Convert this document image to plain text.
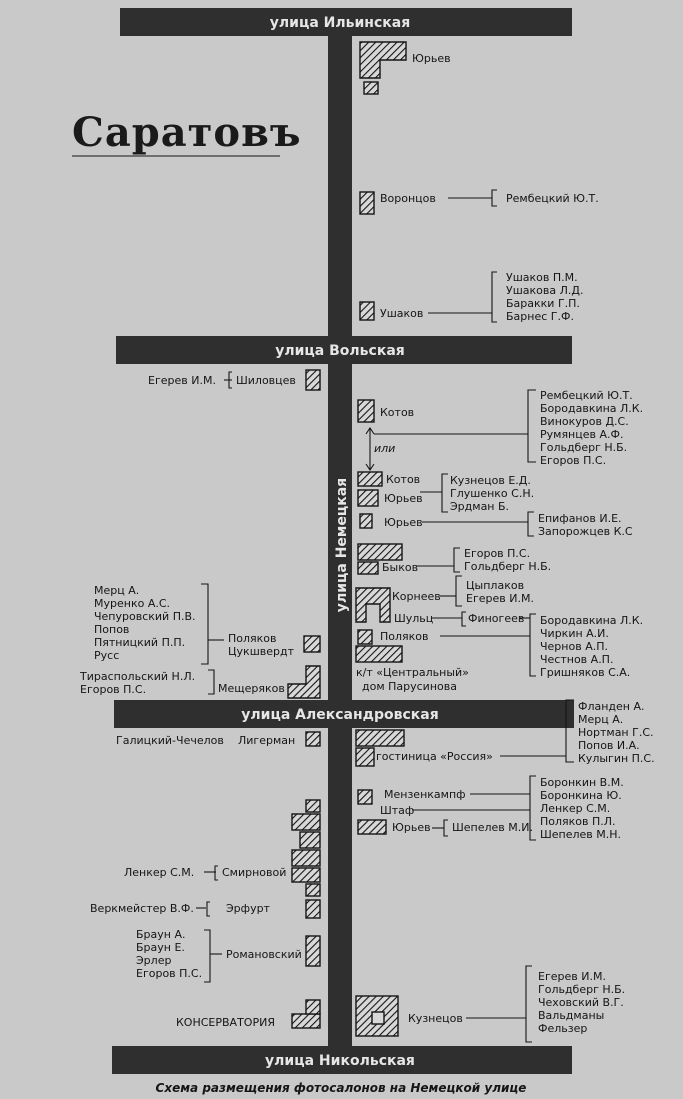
улица Ильинская
улица Вольская
улица Александровская
улица Никольская
улица Немецкая
Саратовъ
Юрьев
Воронцов	Рембецкий Ю.Т.
Ушаков
Ушаков П.М.
Ушакова Л.Д.
Баракки Г.П.
Барнес Г.Ф.
Егерев И.М. Шиловцев
Поляков
Цукшвердт
Мерц А.
Муренко А.С.
Чепуровский П.В.
Попов
Пятницкий П.П.
Русс
Мещеряков
Тираспольский Н.Л.
Егоров П.С.
Котов
или
Рембецкий Ю.Т.
Бородавкина Л.К.
Винокуров Д.С.
Румянцев А.Ф.
Гольдберг Н.Б.
Егоров П.С.
Котов
Юрьев
Кузнецов Е.Д.
Глушенко С.Н.
Эрдман Б.
Юрьев	Епифанов И.Е.
Запорожцев К.С
Быков
Егоров П.С.
Гольдберг Н.Б.
Корнеев
Цыплаков
Егерев И.М.
Шульц	Финогеев
Поляков
Бородавкина Л.К.
Чиркин А.И.
Чернов А.П.
Честнов А.П.
Гришняков С.А.
к/т «Центральный»
дом Парусинова
Галицкий-Чечелов Лигерман
гостиница «Россия»
Фланден А.
Мерц А.
Нортман Г.С.
Попов И.А.
Кулыгин П.С.
Мензенкампф
Штаф
Боронкин В.М.
Боронкина Ю.
Ленкер С.М.
Поляков П.Л.
Шепелев М.Н.
Юрьев Шепелев М.И.
Ленкер С.М.	Смирновой
Веркмейстер В.Ф.	Эрфурт
Браун А.
Браун Е.
Эрлер
Егоров П.С.
Романовский
КОНСЕРВАТОРИЯ	Кузнецов
Егерев И.М.
Гольдберг Н.Б.
Чеховский В.Г.
Вальдманы
Фельзер
Схема размещения фотосалонов на Немецкой улице
